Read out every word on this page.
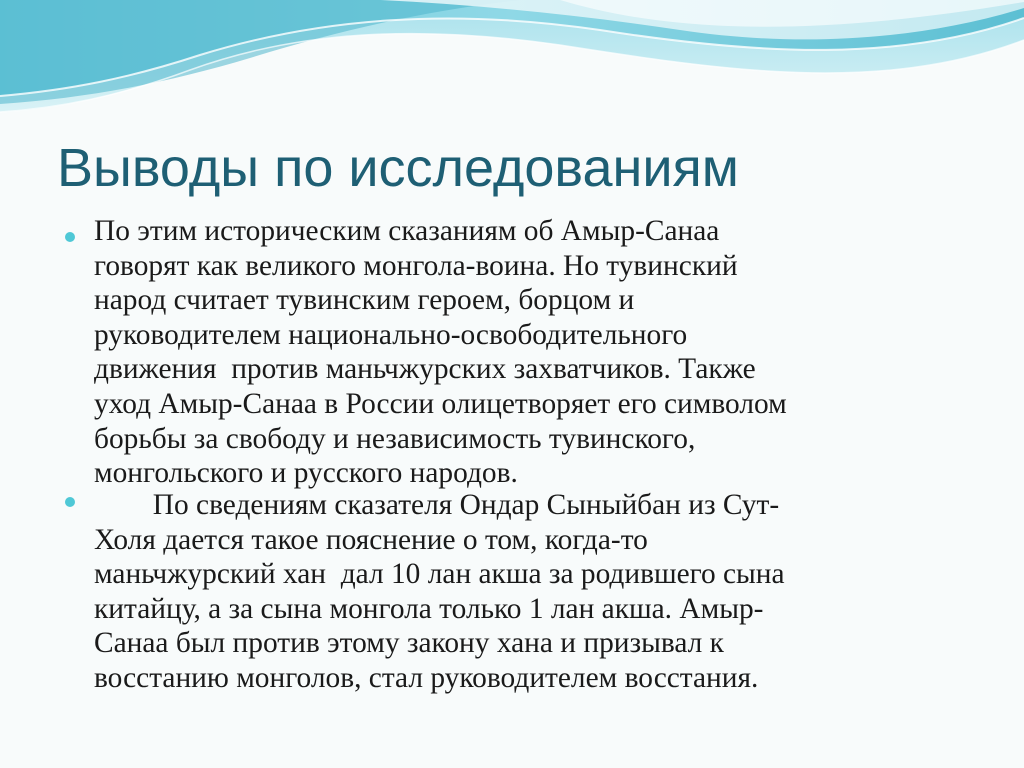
Выводы по исследованиям
По этим историческим сказаниям об Амыр-Санаа
говорят как великого монгола-воина. Но тувинский
народ считает тувинским героем, борцом и
руководителем национально-освободительного
движения  против маньчжурских захватчиков. Также
уход Амыр-Санаа в России олицетворяет его символом
борьбы за свободу и независимость тувинского,
монгольского и русского народов.
По сведениям сказателя Ондар Сыныйбан из Сут-
Холя дается такое пояснение о том, когда-то
маньчжурский хан  дал 10 лан акша за родившего сына
китайцу, а за сына монгола только 1 лан акша. Амыр-
Санаа был против этому закону хана и призывал к
восстанию монголов, стал руководителем восстания.
